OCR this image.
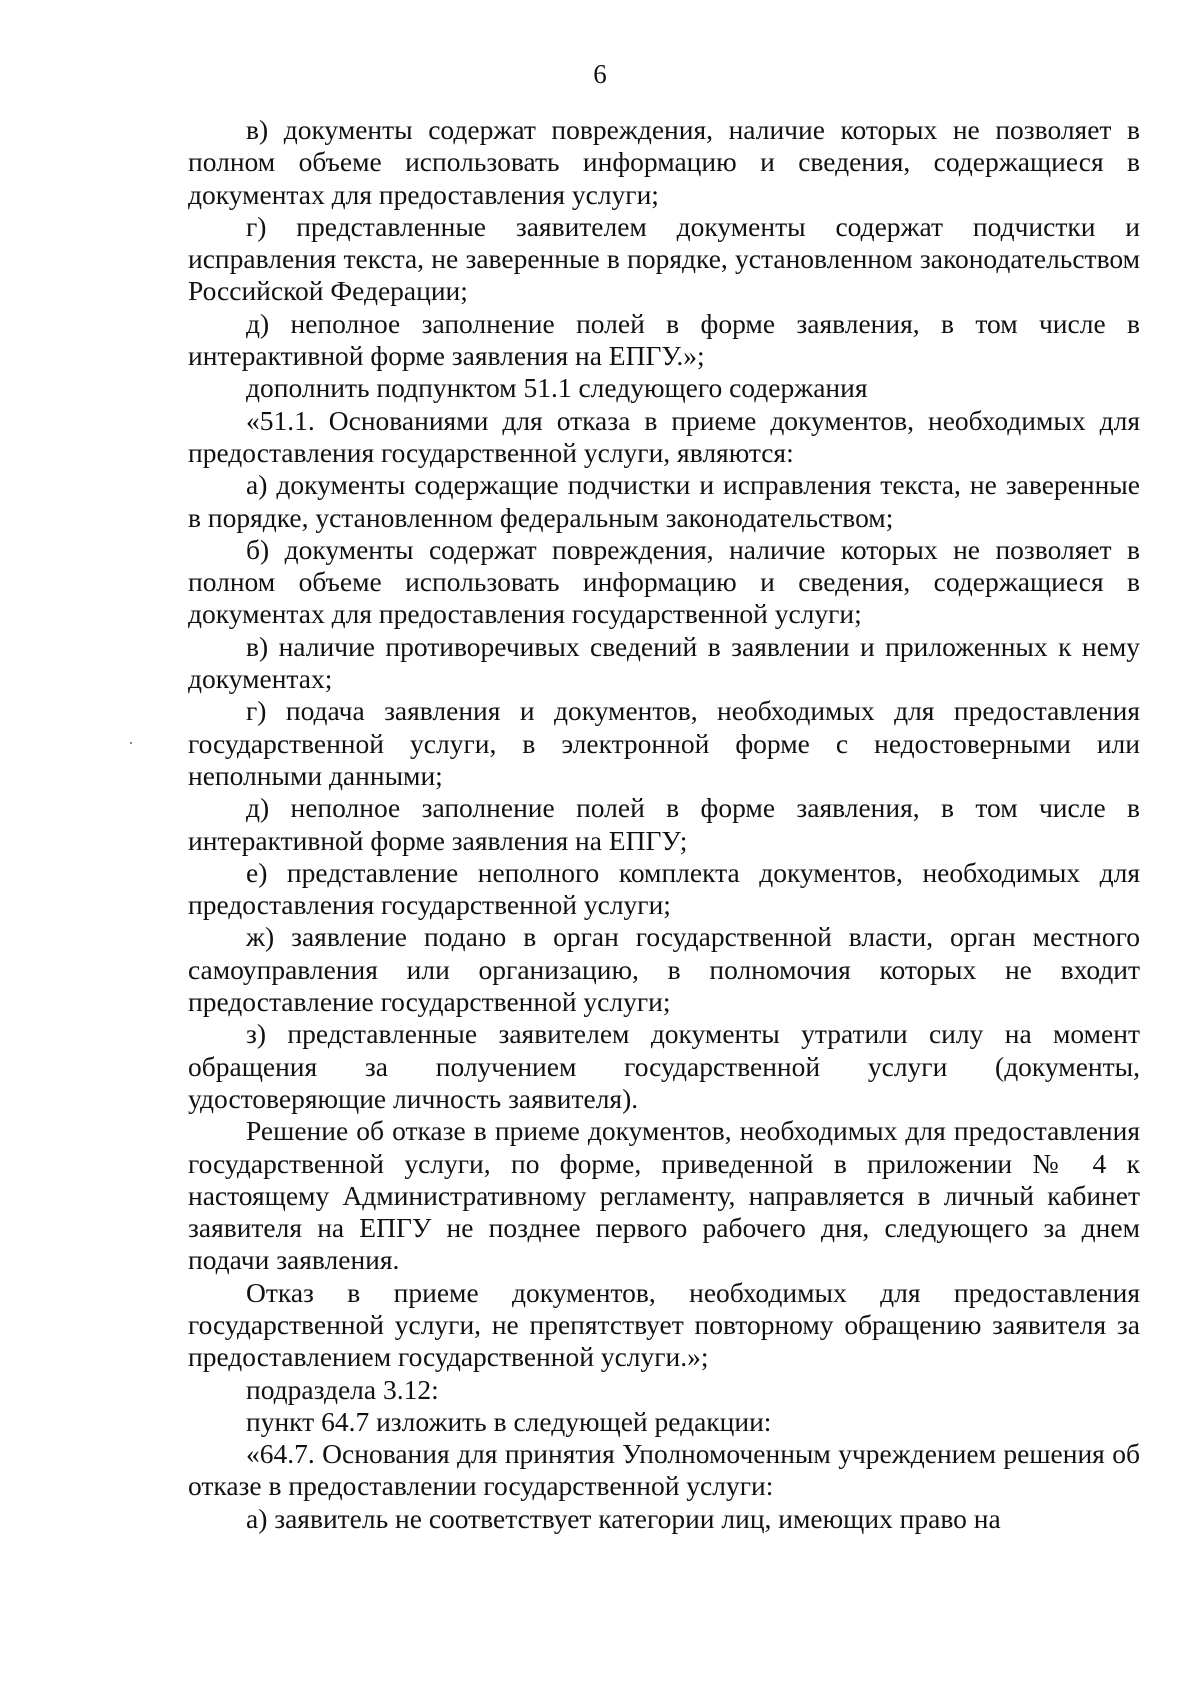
6

в) документы содержат повреждения, наличие которых не позволяет в полном объеме использовать информацию и сведения, содержащиеся в документах для предоставления услуги;

г) представленные заявителем документы содержат подчистки и исправления текста, не заверенные в порядке, установленном законодательством Российской Федерации;

д) неполное заполнение полей в форме заявления, в том числе в интерактивной форме заявления на ЕПГУ.»;

дополнить подпунктом 51.1 следующего содержания

«51.1. Основаниями для отказа в приеме документов, необходимых для предоставления государственной услуги, являются:

а) документы содержащие подчистки и исправления текста, не заверенные в порядке, установленном федеральным законодательством;

б) документы содержат повреждения, наличие которых не позволяет в полном объеме использовать информацию и сведения, содержащиеся в документах для предоставления государственной услуги;

в) наличие противоречивых сведений в заявлении и приложенных к нему документах;

г) подача заявления и документов, необходимых для предоставления государственной услуги, в электронной форме с недостоверными или неполными данными;

д) неполное заполнение полей в форме заявления, в том числе в интерактивной форме заявления на ЕПГУ;

е) представление неполного комплекта документов, необходимых для предоставления государственной услуги;

ж) заявление подано в орган государственной власти, орган местного самоуправления или организацию, в полномочия которых не входит предоставление государственной услуги;

з) представленные заявителем документы утратили силу на момент обращения за получением государственной услуги (документы, удостоверяющие личность заявителя).

Решение об отказе в приеме документов, необходимых для предоставления государственной услуги, по форме, приведенной в приложении № 4 к настоящему Административному регламенту, направляется в личный кабинет заявителя на ЕПГУ не позднее первого рабочего дня, следующего за днем подачи заявления.

Отказ в приеме документов, необходимых для предоставления государственной услуги, не препятствует повторному обращению заявителя за предоставлением государственной услуги.»;

подраздела 3.12:

пункт 64.7 изложить в следующей редакции:

«64.7. Основания для принятия Уполномоченным учреждением решения об отказе в предоставлении государственной услуги:

а) заявитель не соответствует категории лиц, имеющих право на
